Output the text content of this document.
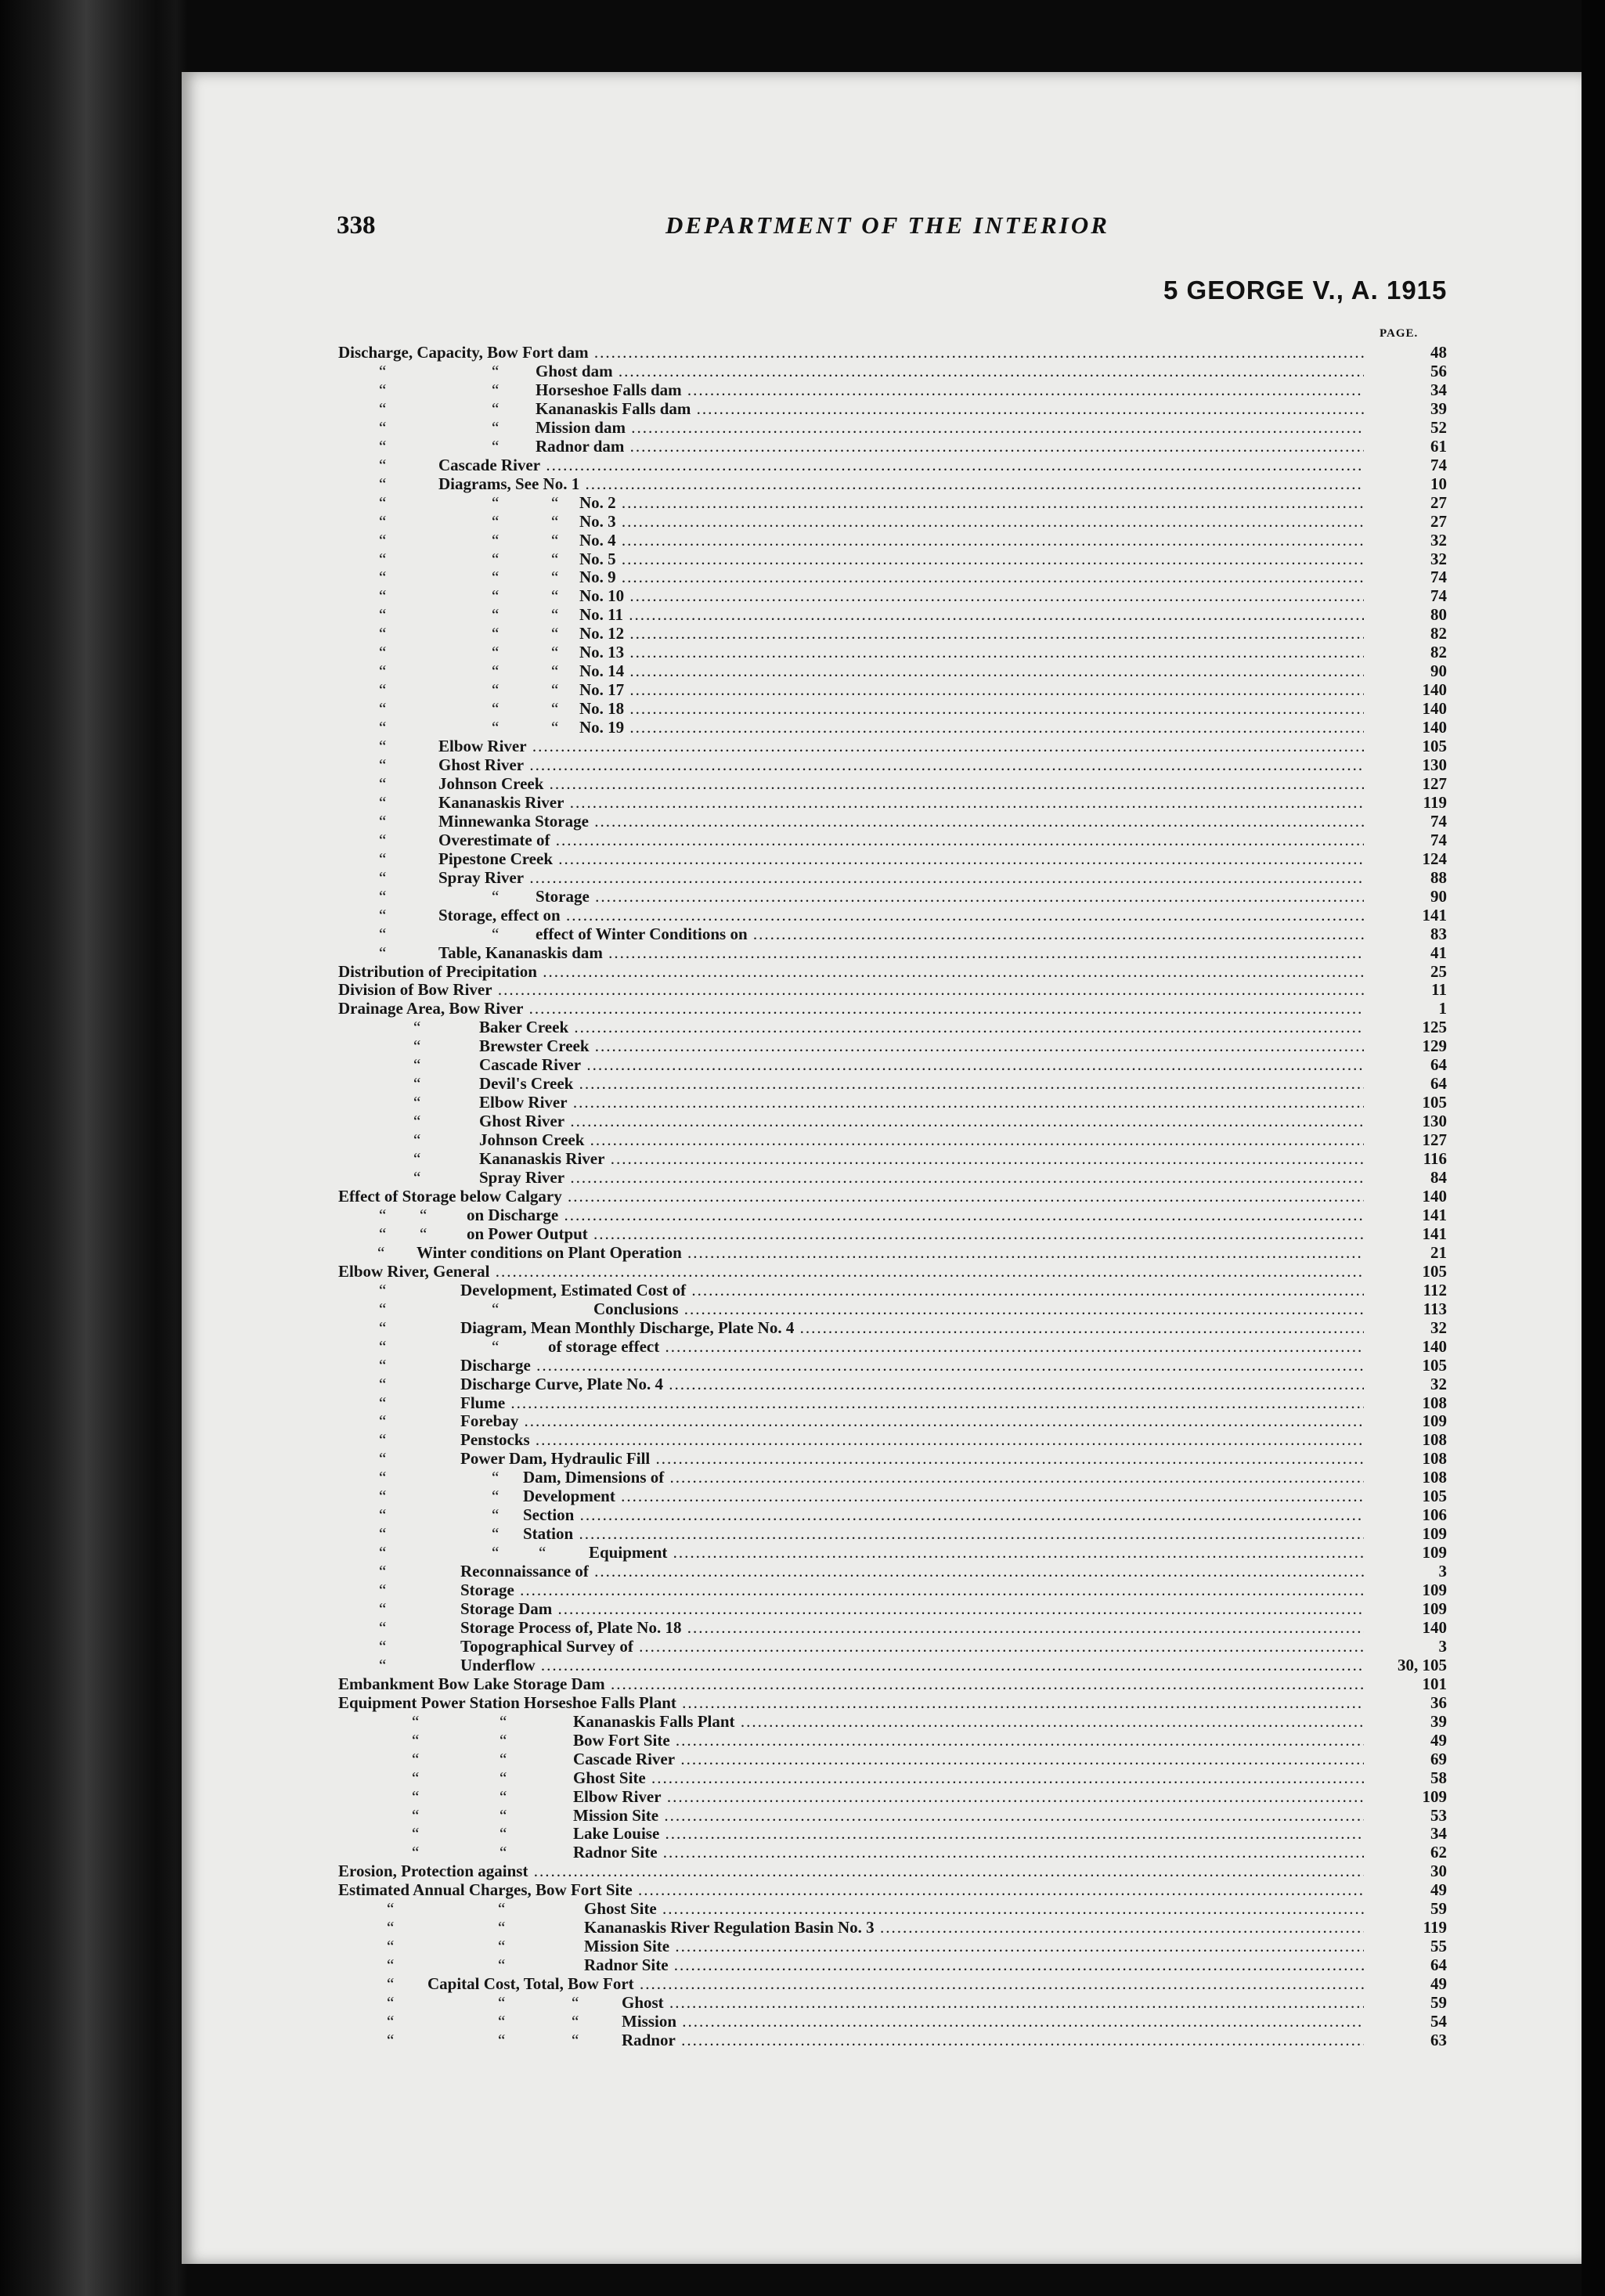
338	DEPARTMENT OF THE INTERIOR
5 GEORGE V., A. 1915
PAGE.
Discharge, Capacity, Bow Fort dam .....	48
“	“ Ghost dam .....	56
“	“ Horseshoe Falls dam .....	34
“	“ Kananaskis Falls dam .....	39
“	“ Mission dam .....	52
“	“ Radnor dam .....	61
“	Cascade River .....	74
“	Diagrams, See No. 1 .....	10
“	“	“ No. 2 .....	27
“	“	“ No. 3 .....	27
“	“	“ No. 4 .....	32
“	“	“ No. 5 .....	32
“	“	“ No. 9 .....	74
“	“	“ No. 10 .....	74
“	“	“ No. 11 .....	80
“	“	“ No. 12 .....	82
“	“	“ No. 13 .....	82
“	“	“ No. 14 .....	90
“	“	“ No. 17 .....	140
“	“	“ No. 18 .....	140
“	“	“ No. 19 .....	140
“	Elbow River .....	105
“	Ghost River .....	130
“	Johnson Creek .....	127
“	Kananaskis River .....	119
“	Minnewanka Storage .....	74
“	Overestimate of .....	74
“	Pipestone Creek .....	124
“	Spray River .....	88
“	“ Storage .....	90
“	Storage, effect on .....	141
“	“ effect of Winter Conditions on .....	83
“	Table, Kananaskis dam .....	41
Distribution of Precipitation .....	25
Division of Bow River .....	11
Drainage Area, Bow River .....	1
“	Baker Creek .....	125
“	Brewster Creek .....	129
“	Cascade River .....	64
“	Devil's Creek .....	64
“	Elbow River .....	105
“	Ghost River .....	130
“	Johnson Creek .....	127
“	Kananaskis River .....	116
“	Spray River .....	84
Effect of Storage below Calgary .....	140
“ “ on Discharge .....	141
“ “ on Power Output .....	141
“ Winter conditions on Plant Operation .....	21
Elbow River, General .....	105
“	Development, Estimated Cost of .....	112
“	“	Conclusions .....	113
“	Diagram, Mean Monthly Discharge, Plate No. 4 .....	32
“	“	of storage effect .....	140
“	Discharge .....	105
“	Discharge Curve, Plate No. 4 .....	32
“	Flume .....	108
“	Forebay .....	109
“	Penstocks .....	108
“	Power Dam, Hydraulic Fill .....	108
“	“ Dam, Dimensions of .....	108
“	“ Development .....	105
“	“ Section .....	106
“	“ Station .....	109
“	“ “	Equipment .....	109
“	Reconnaissance of .....	3
“	Storage .....	109
“	Storage Dam .....	109
“	Storage Process of, Plate No. 18 .....	140
“	Topographical Survey of .....	3
“	Underflow .....	30, 105
Embankment Bow Lake Storage Dam .....	101
Equipment Power Station Horseshoe Falls Plant .....	36
“	“	Kananaskis Falls Plant .....	39
“	“	Bow Fort Site .....	49
“	“	Cascade River .....	69
“	“	Ghost Site .....	58
“	“	Elbow River .....	109
“	“	Mission Site .....	53
“	“	Lake Louise .....	34
“	“	Radnor Site .....	62
Erosion, Protection against .....	30
Estimated Annual Charges, Bow Fort Site .....	49
“	“	Ghost Site .....	59
“	“	Kananaskis River Regulation Basin No. 3 .....	119
“	“	Mission Site .....	55
“	“	Radnor Site .....	64
“ Capital Cost, Total, Bow Fort .....	49
“	“	“	Ghost .....	59
“	“	“	Mission .....	54
“	“	“	Radnor .....	63
